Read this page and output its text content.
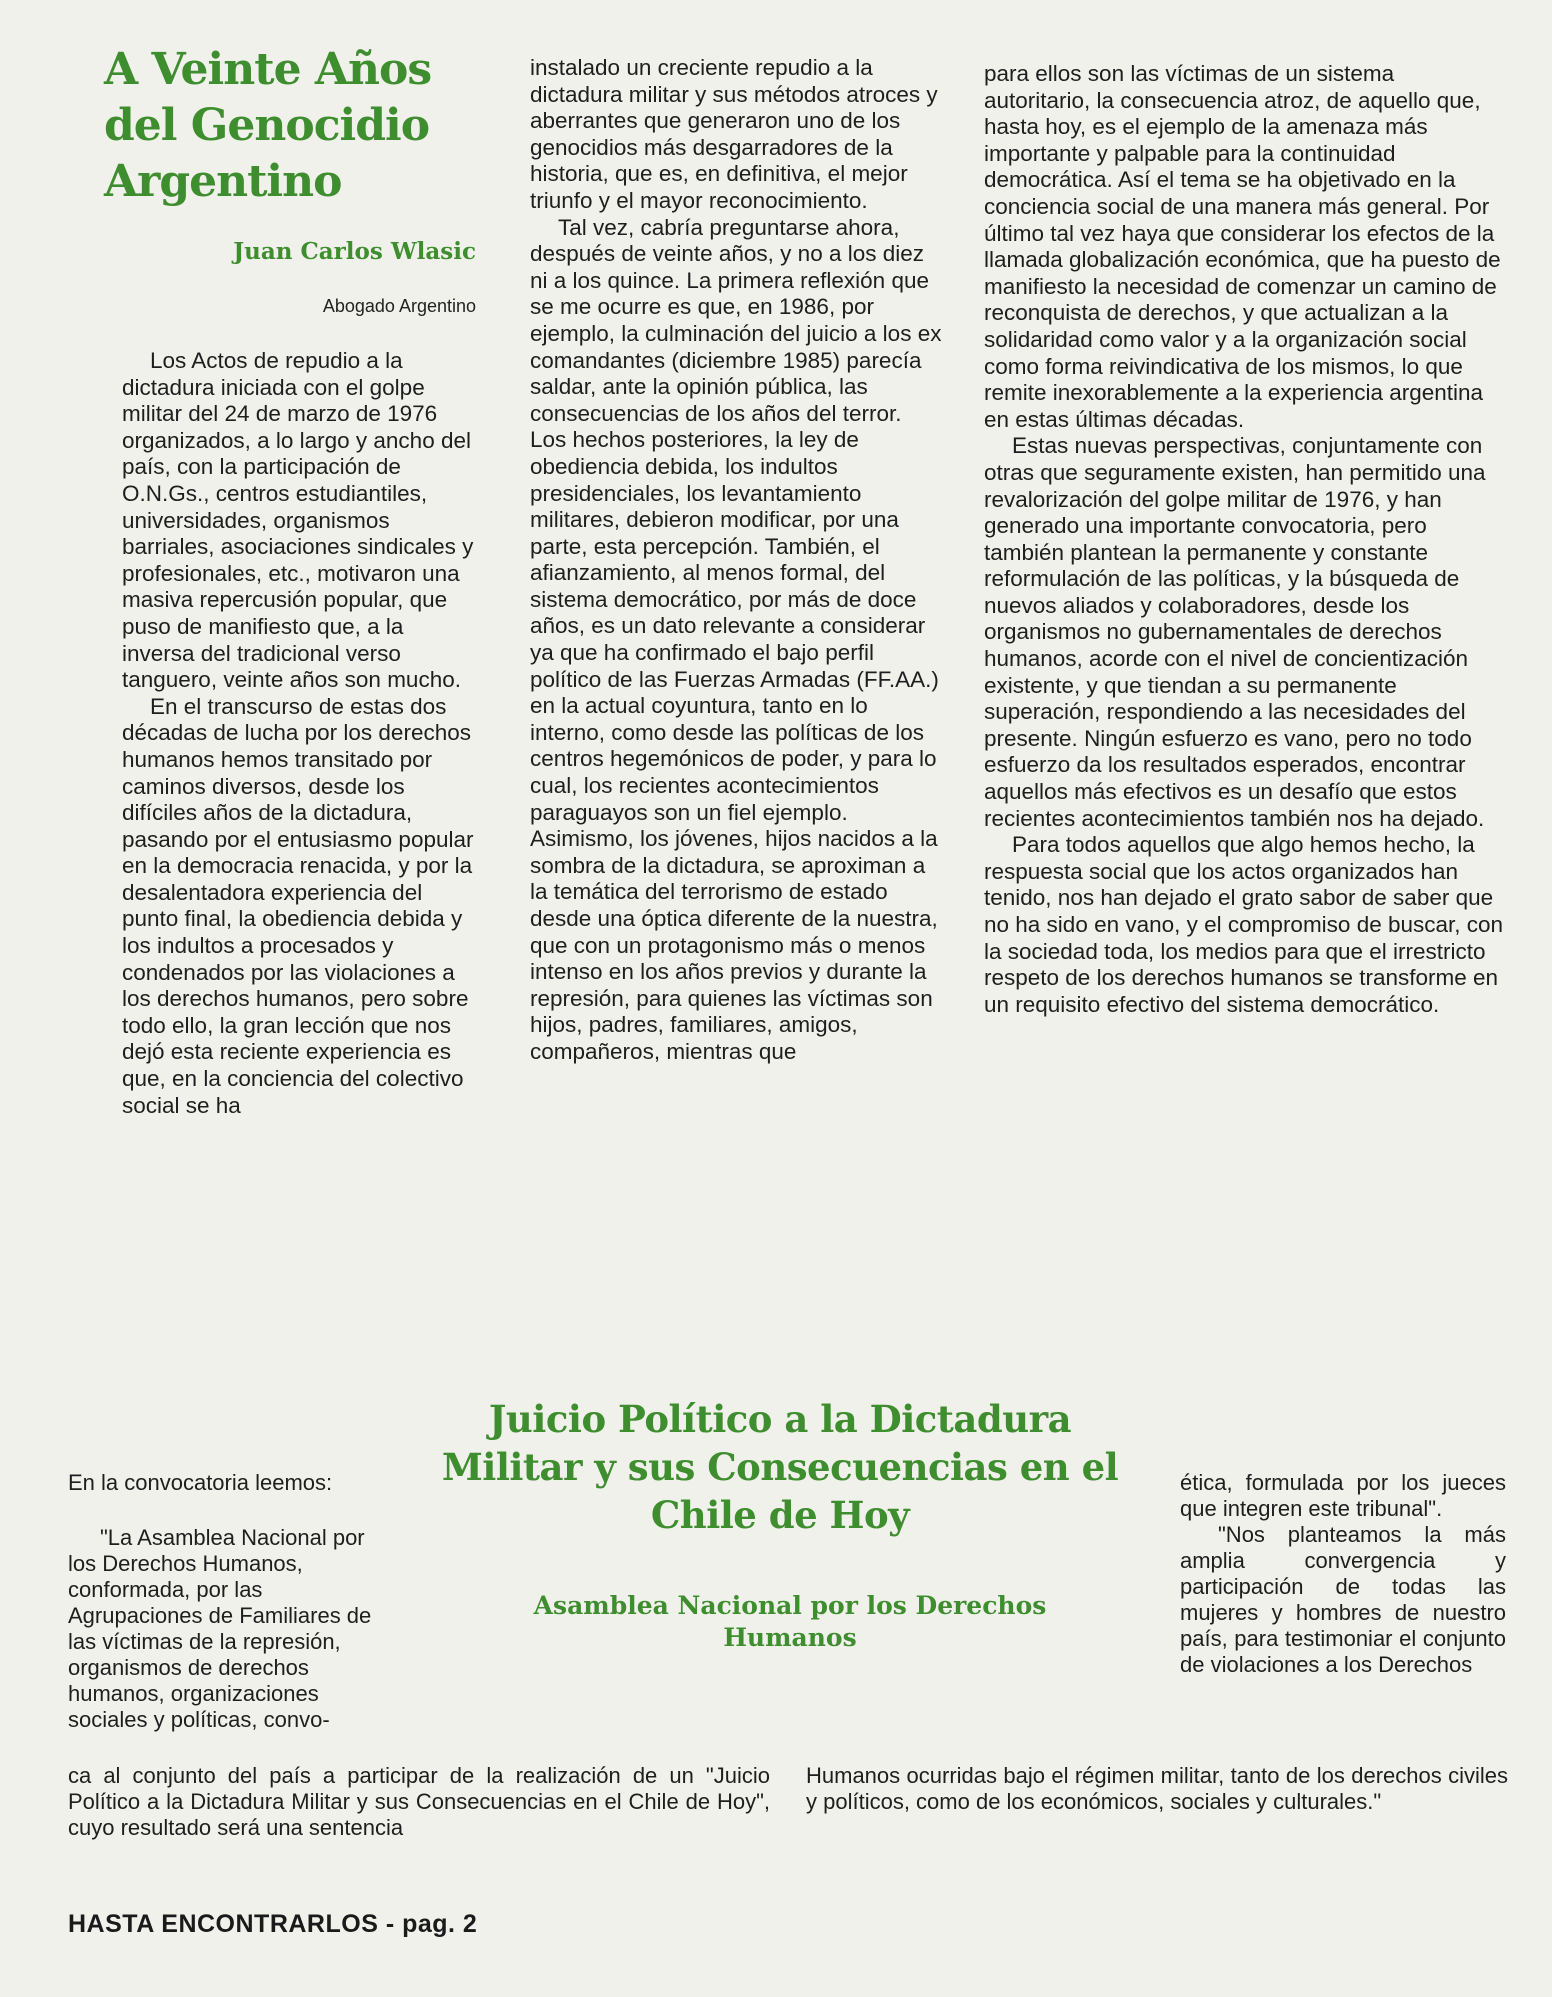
A Veinte Años del Genocidio Argentino

Juan Carlos Wlasic

Abogado Argentino

Los Actos de repudio a la dictadura iniciada con el golpe militar del 24 de marzo de 1976 organizados, a lo largo y ancho del país, con la participación de O.N.Gs., centros estudiantiles, universidades, organismos barriales, asociaciones sindicales y profesionales, etc., motivaron una masiva repercusión popular, que puso de manifiesto que, a la inversa del tradicional verso tanguero, veinte años son mucho.

En el transcurso de estas dos décadas de lucha por los derechos humanos hemos transitado por caminos diversos, desde los difíciles años de la dictadura, pasando por el entusiasmo popular en la democracia renacida, y por la desalentadora experiencia del punto final, la obediencia debida y los indultos a procesados y condenados por las violaciones a los derechos humanos, pero sobre todo ello, la gran lección que nos dejó esta reciente experiencia es que, en la conciencia del colectivo social se ha

instalado un creciente repudio a la dictadura militar y sus métodos atroces y aberrantes que generaron uno de los genocidios más desgarradores de la historia, que es, en definitiva, el mejor triunfo y el mayor reconocimiento.

Tal vez, cabría preguntarse ahora, después de veinte años, y no a los diez ni a los quince. La primera reflexión que se me ocurre es que, en 1986, por ejemplo, la culminación del juicio a los ex comandantes (diciembre 1985) parecía saldar, ante la opinión pública, las consecuencias de los años del terror. Los hechos posteriores, la ley de obediencia debida, los indultos presidenciales, los levantamiento militares, debieron modificar, por una parte, esta percepción. También, el afianzamiento, al menos formal, del sistema democrático, por más de doce años, es un dato relevante a considerar ya que ha confirmado el bajo perfil político de las Fuerzas Armadas (FF.AA.) en la actual coyuntura, tanto en lo interno, como desde las políticas de los centros hegemónicos de poder, y para lo cual, los recientes acontecimientos paraguayos son un fiel ejemplo. Asimismo, los jóvenes, hijos nacidos a la sombra de la dictadura, se aproximan a la temática del terrorismo de estado desde una óptica diferente de la nuestra, que con un protagonismo más o menos intenso en los años previos y durante la represión, para quienes las víctimas son hijos, padres, familiares, amigos, compañeros, mientras que

para ellos son las víctimas de un sistema autoritario, la consecuencia atroz, de aquello que, hasta hoy, es el ejemplo de la amenaza más importante y palpable para la continuidad democrática. Así el tema se ha objetivado en la conciencia social de una manera más general. Por último tal vez haya que considerar los efectos de la llamada globalización económica, que ha puesto de manifiesto la necesidad de comenzar un camino de reconquista de derechos, y que actualizan a la solidaridad como valor y a la organización social como forma reivindicativa de los mismos, lo que remite inexorablemente a la experiencia argentina en estas últimas décadas.

Estas nuevas perspectivas, conjuntamente con otras que seguramente existen, han permitido una revalorización del golpe militar de 1976, y han generado una importante convocatoria, pero también plantean la permanente y constante reformulación de las políticas, y la búsqueda de nuevos aliados y colaboradores, desde los organismos no gubernamentales de derechos humanos, acorde con el nivel de concientización existente, y que tiendan a su permanente superación, respondiendo a las necesidades del presente. Ningún esfuerzo es vano, pero no todo esfuerzo da los resultados esperados, encontrar aquellos más efectivos es un desafío que estos recientes acontecimientos también nos ha dejado.

Para todos aquellos que algo hemos hecho, la respuesta social que los actos organizados han tenido, nos han dejado el grato sabor de saber que no ha sido en vano, y el compromiso de buscar, con la sociedad toda, los medios para que el irrestricto respeto de los derechos humanos se transforme en un requisito efectivo del sistema democrático.

Juicio Político a la Dictadura Militar y sus Consecuencias en el Chile de Hoy

Asamblea Nacional por los Derechos Humanos

En la convocatoria leemos:

"La Asamblea Nacional por los Derechos Humanos, conformada, por las Agrupaciones de Familiares de las víctimas de la represión, organismos de derechos humanos, organizaciones sociales y políticas, convo-

ética, formulada por los jueces que integren este tribunal".

"Nos planteamos la más amplia convergencia y participación de todas las mujeres y hombres de nuestro país, para testimoniar el conjunto de violaciones a los Derechos

ca al conjunto del país a participar de la realización de un "Juicio Político a la Dictadura Militar y sus Consecuencias en el Chile de Hoy", cuyo resultado será una sentencia

Humanos ocurridas bajo el régimen militar, tanto de los derechos civiles y políticos, como de los económicos, sociales y culturales."

HASTA ENCONTRARLOS - pag. 2
